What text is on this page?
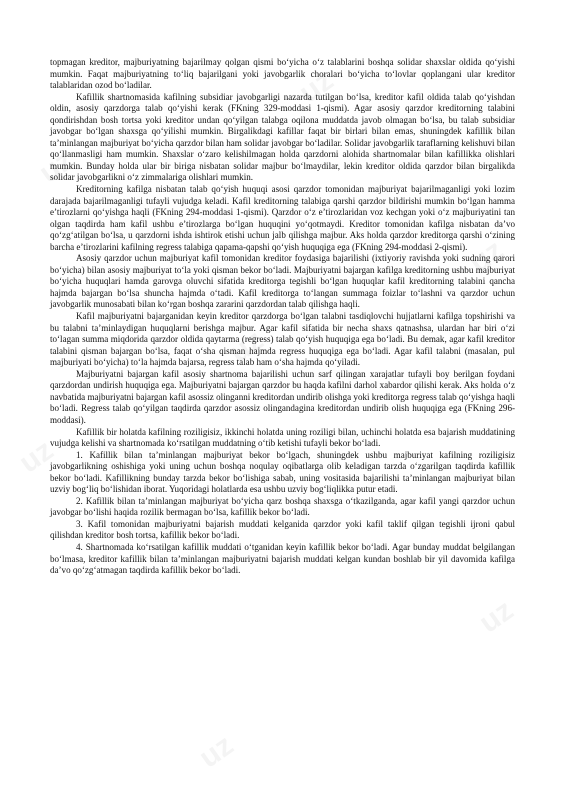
topmagan kreditor, majburiyatning bajarilmay qolgan qismi bo‘yicha o‘z talablarini boshqa solidar shaxslar oldida qo‘yishi mumkin. Faqat majburiyatning to‘liq bajarilgani yoki javobgarlik choralari bo‘yicha to‘lovlar qoplangani ular kreditor talablaridan ozod bo‘ladilar.

Kafillik shartnomasida kafilning subsidiar javobgarligi nazarda tutilgan bo‘lsa, kreditor kafil oldida talab qo‘yishdan oldin, asosiy qarzdorga talab qo‘yishi kerak (FKning 329-moddasi 1-qismi). Agar asosiy qarzdor kreditorning talabini qondirishdan bosh tortsa yoki kreditor undan qo‘yilgan talabga oqilona muddatda javob olmagan bo‘lsa, bu talab subsidiar javobgar bo‘lgan shaxsga qo‘yilishi mumkin. Birgalikdagi kafillar faqat bir birlari bilan emas, shuningdek kafillik bilan ta’minlangan majburiyat bo‘yicha qarzdor bilan ham solidar javobgar bo‘ladilar. Solidar javobgarlik taraflarning kelishuvi bilan qo‘llanmasligi ham mumkin. Shaxslar o‘zaro kelishilmagan holda qarzdorni alohida shartnomalar bilan kafillikka olishlari mumkin. Bunday holda ular bir biriga nisbatan solidar majbur bo‘lmaydilar, lekin kreditor oldida qarzdor bilan birgalikda solidar javobgarlikni o‘z zimmalariga olishlari mumkin.

Kreditorning kafilga nisbatan talab qo‘yish huquqi asosi qarzdor tomonidan majburiyat bajarilmaganligi yoki lozim darajada bajarilmaganligi tufayli vujudga keladi. Kafil kreditorning talabiga qarshi qarzdor bildirishi mumkin bo‘lgan hamma e’tirozlarni qo‘yishga haqli (FKning 294-moddasi 1-qismi). Qarzdor o‘z e’tirozlaridan voz kechgan yoki o‘z majburiyatini tan olgan taqdirda ham kafil ushbu e’tirozlarga bo‘lgan huquqini yo‘qotmaydi. Kreditor tomonidan kafilga nisbatan da’vo qo‘zg‘atilgan bo‘lsa, u qarzdorni ishda ishtirok etishi uchun jalb qilishga majbur. Aks holda qarzdor kreditorga qarshi o‘zining barcha e’tirozlarini kafilning regress talabiga qapama-qapshi qo‘yish huquqiga ega (FKning 294-moddasi 2-qismi).

Asosiy qarzdor uchun majburiyat kafil tomonidan kreditor foydasiga bajarilishi (ixtiyoriy ravishda yoki sudning qarori bo‘yicha) bilan asosiy majburiyat to‘la yoki qisman bekor bo‘ladi. Majburiyatni bajargan kafilga kreditorning ushbu majburiyat bo‘yicha huquqlari hamda garovga oluvchi sifatida kreditorga tegishli bo‘lgan huquqlar kafil kreditorning talabini qancha hajmda bajargan bo‘lsa shuncha hajmda o‘tadi. Kafil kreditorga to‘langan summaga foizlar to‘lashni va qarzdor uchun javobgarlik munosabati bilan ko‘rgan boshqa zararini qarzdordan talab qilishga haqli.

Kafil majburiyatni bajarganidan keyin kreditor qarzdorga bo‘lgan talabni tasdiqlovchi hujjatlarni kafilga topshirishi va bu talabni ta’minlaydigan huquqlarni berishga majbur. Agar kafil sifatida bir necha shaxs qatnashsa, ulardan har biri o‘zi to‘lagan summa miqdorida qarzdor oldida qaytarma (regress) talab qo‘yish huquqiga ega bo‘ladi. Bu demak, agar kafil kreditor talabini qisman bajargan bo‘lsa, faqat o‘sha qisman hajmda regress huquqiga ega bo‘ladi. Agar kafil talabni (masalan, pul majburiyati bo‘yicha) to‘la hajmda bajarsa, regress talab ham o‘sha hajmda qo‘yiladi.

Majburiyatni bajargan kafil asosiy shartnoma bajarilishi uchun sarf qilingan xarajatlar tufayli boy berilgan foydani qarzdordan undirish huquqiga ega. Majburiyatni bajargan qarzdor bu haqda kafilni darhol xabardor qilishi kerak. Aks holda o‘z navbatida majburiyatni bajargan kafil asossiz olinganni kreditordan undirib olishga yoki kreditorga regress talab qo‘yishga haqli bo‘ladi. Regress talab qo‘yilgan taqdirda qarzdor asossiz olingandagina kreditordan undirib olish huquqiga ega (FKning 296-moddasi).

Kafillik bir holatda kafilning roziligisiz, ikkinchi holatda uning roziligi bilan, uchinchi holatda esa bajarish muddatining vujudga kelishi va shartnomada ko‘rsatilgan muddatning o‘tib ketishi tufayli bekor bo‘ladi.

1. Kafillik bilan ta’minlangan majburiyat bekor bo‘lgach, shuningdek ushbu majburiyat kafilning roziligisiz javobgarlikning oshishiga yoki uning uchun boshqa noqulay oqibatlarga olib keladigan tarzda o‘zgarilgan taqdirda kafillik bekor bo‘ladi. Kafillikning bunday tarzda bekor bo‘lishiga sabab, uning vositasida bajarilishi ta’minlangan majburiyat bilan uzviy bog‘liq bo‘lishidan iborat. Yuqoridagi holatlarda esa ushbu uzviy bog‘liqlikka putur etadi.

2. Kafillik bilan ta’minlangan majburiyat bo‘yicha qarz boshqa shaxsga o‘tkazilganda, agar kafil yangi qarzdor uchun javobgar bo‘lishi haqida rozilik bermagan bo‘lsa, kafillik bekor bo‘ladi.

3. Kafil tomonidan majburiyatni bajarish muddati kelganida qarzdor yoki kafil taklif qilgan tegishli ijroni qabul qilishdan kreditor bosh tortsa, kafillik bekor bo‘ladi.

4. Shartnomada ko‘rsatilgan kafillik muddati o‘tganidan keyin kafillik bekor bo‘ladi. Agar bunday muddat belgilangan bo‘lmasa, kreditor kafillik bilan ta’minlangan majburiyatni bajarish muddati kelgan kundan boshlab bir yil davomida kafilga da’vo qo‘zg‘atmagan taqdirda kafillik bekor bo‘ladi.
